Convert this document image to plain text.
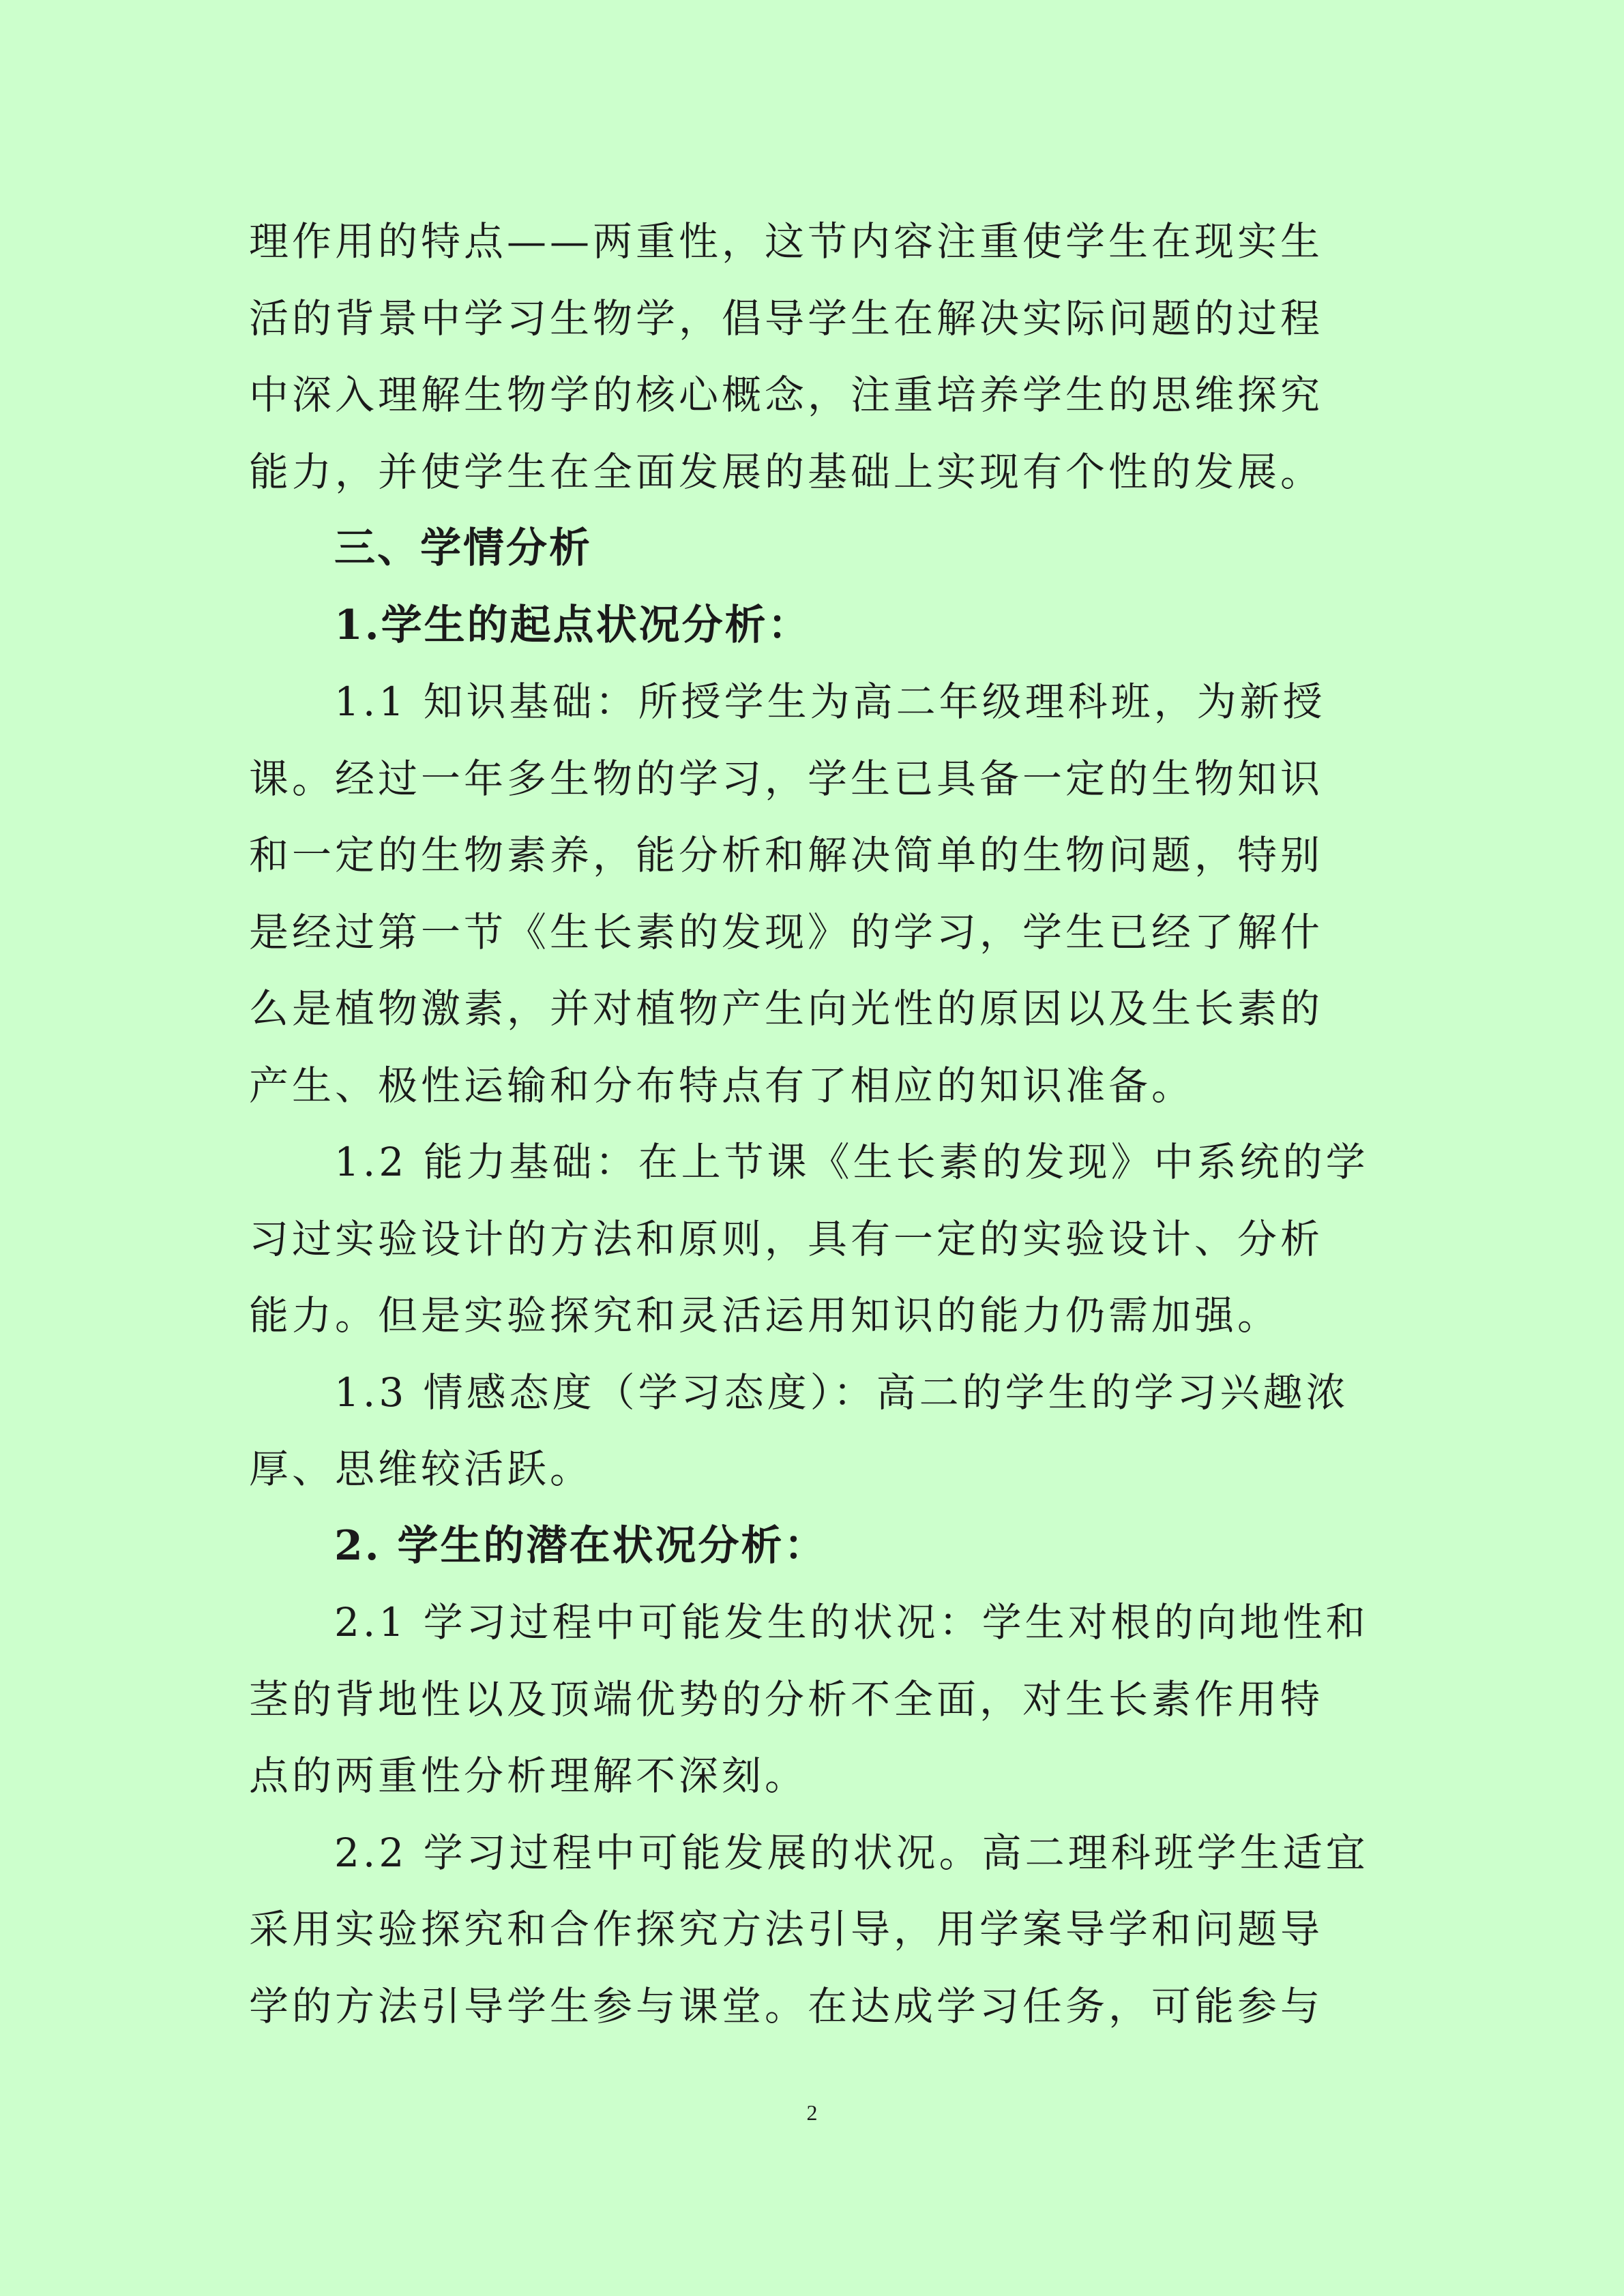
理作用的特点——两重性，这节内容注重使学生在现实生
活的背景中学习生物学，倡导学生在解决实际问题的过程
中深入理解生物学的核心概念，注重培养学生的思维探究
能力，并使学生在全面发展的基础上实现有个性的发展。

三、学情分析

1.学生的起点状况分析：

1.1 知识基础：所授学生为高二年级理科班，为新授
课。经过一年多生物的学习，学生已具备一定的生物知识
和一定的生物素养，能分析和解决简单的生物问题，特别
是经过第一节《生长素的发现》的学习，学生已经了解什
么是植物激素，并对植物产生向光性的原因以及生长素的
产生、极性运输和分布特点有了相应的知识准备。

1.2 能力基础：在上节课《生长素的发现》中系统的学
习过实验设计的方法和原则，具有一定的实验设计、分析
能力。但是实验探究和灵活运用知识的能力仍需加强。

1.3 情感态度（学习态度）：高二的学生的学习兴趣浓
厚、思维较活跃。

2. 学生的潜在状况分析：

2.1 学习过程中可能发生的状况：学生对根的向地性和
茎的背地性以及顶端优势的分析不全面，对生长素作用特
点的两重性分析理解不深刻。

2.2 学习过程中可能发展的状况。高二理科班学生适宜
采用实验探究和合作探究方法引导，用学案导学和问题导
学的方法引导学生参与课堂。在达成学习任务，可能参与

2
